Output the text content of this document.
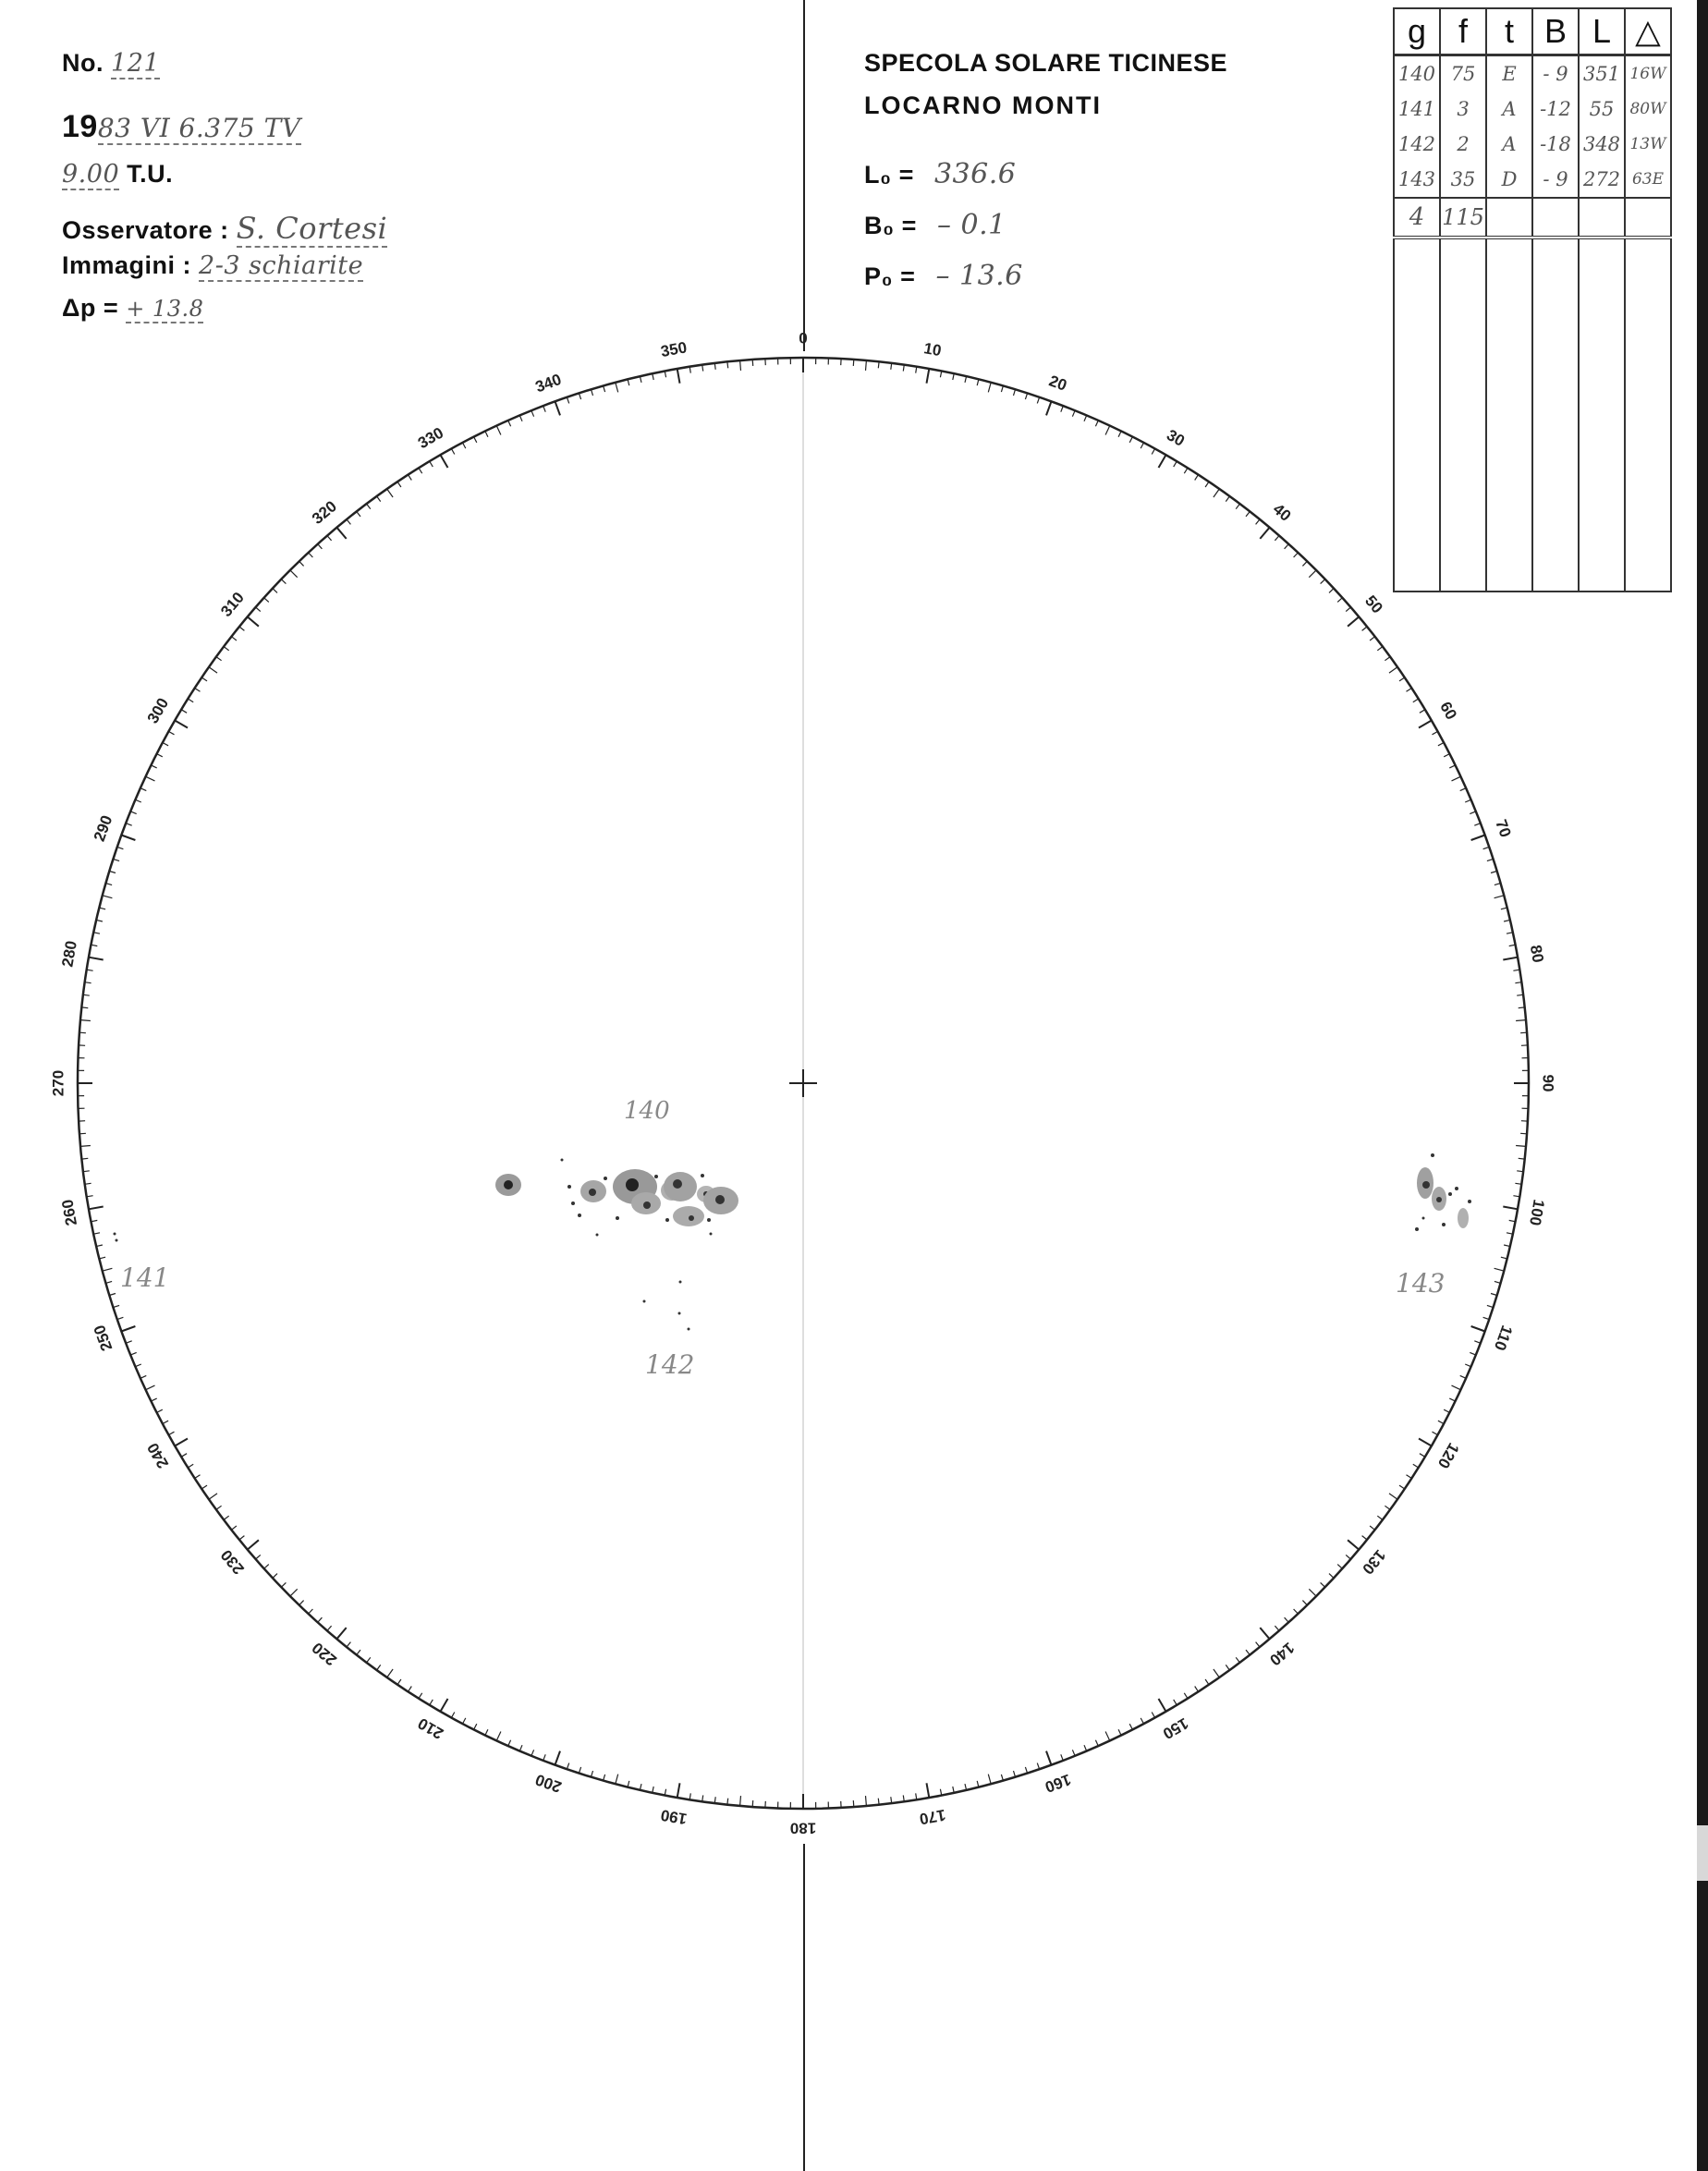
No. 121
1983 VI 6.375 TV
9.00 T.U.
Osservatore : S. Cortesi
Immagini : 2-3 schiarite
Δp = + 13.8
SPECOLA SOLARE TICINESE
LOCARNO MONTI
L₀ = 336.6
B₀ = – 0.1
P₀ = – 13.6
g	f	t	B	L	△
140	75	E	- 9	351	16W
141	3	A	-12	55	80W
142	2	A	-18	348	13W
143	35	D	- 9	272	63E
4	115				

0
10
20
30
40
50
60
70
80
90
100
110
120
130
140
150
160
170
180
190
200
210
220
230
240
250
260
270
280
290
300
310
320
330
340
350
140
141
142
143
